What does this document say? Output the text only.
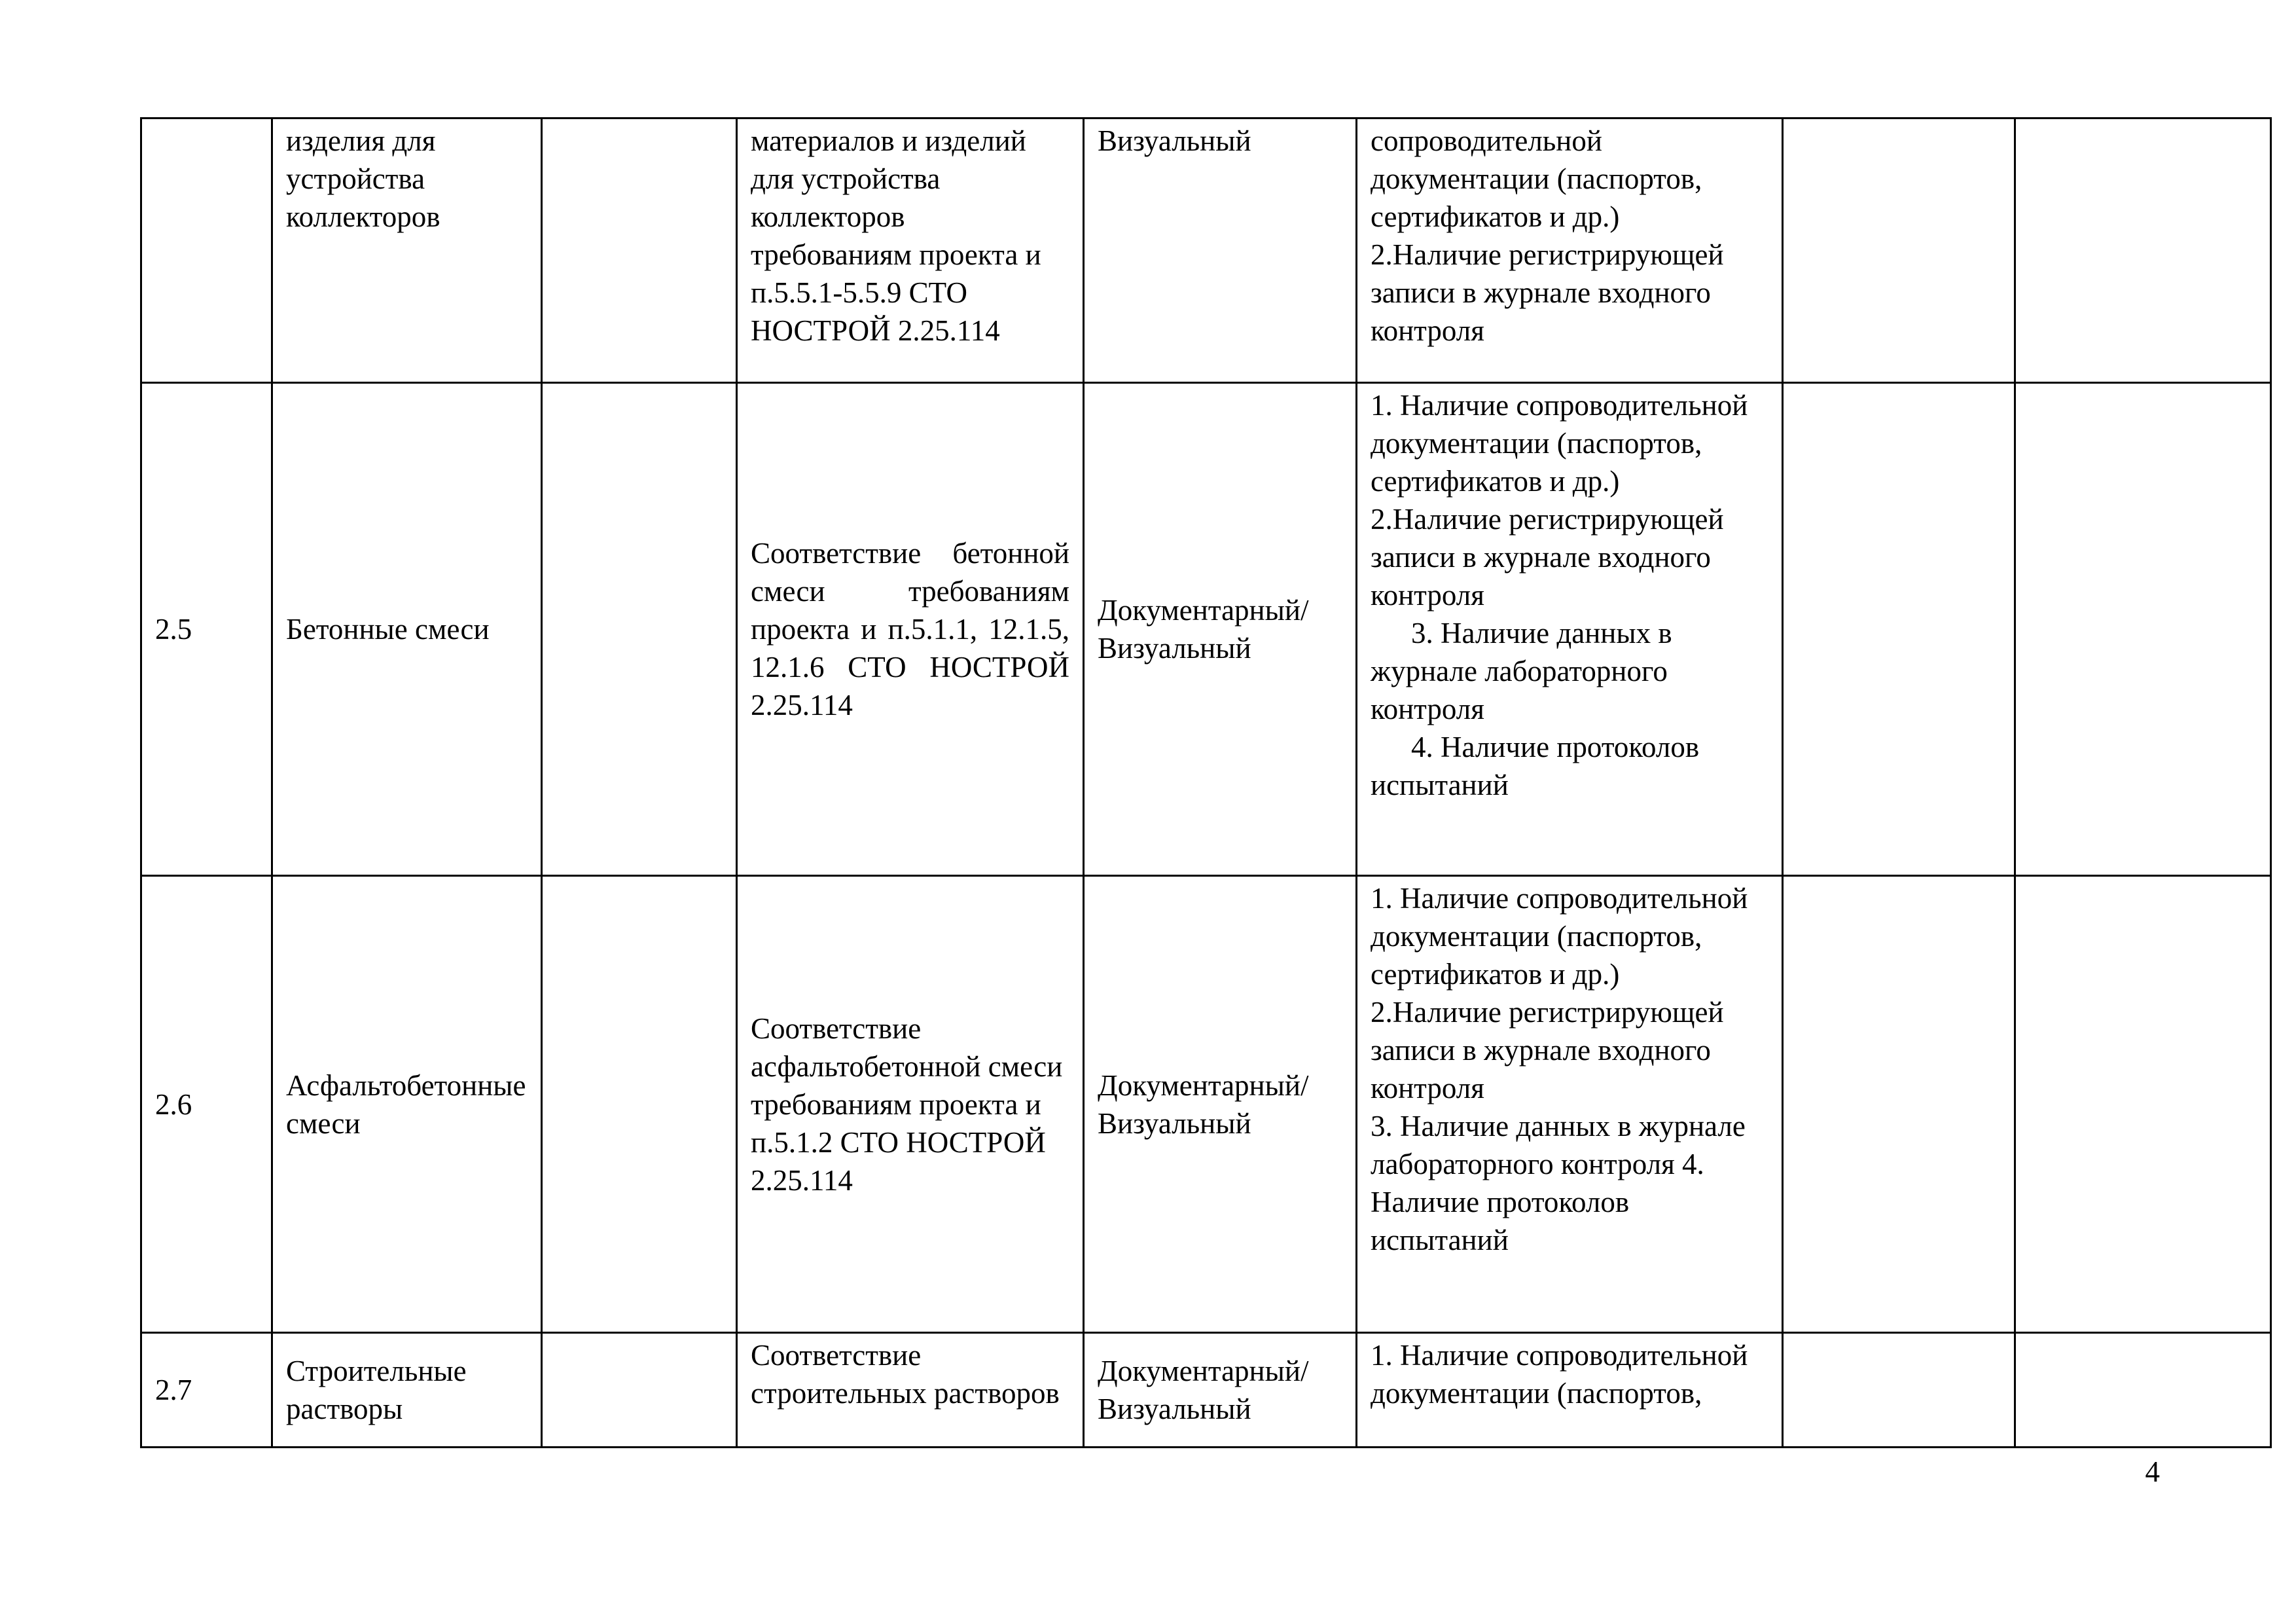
	изделия для устройства коллекторов		материалов и изделий для устройства коллекторов требованиям проекта и п.5.5.1-5.5.9 СТО НОСТРОЙ 2.25.114	Визуальный	сопроводительной документации (паспортов, сертификатов и др.)
2.Наличие регистрирующей записи в журнале входного контроля		

2.5	Бетонные смеси		Соответствие бетонной смеси требованиям проекта и п.5.1.1, 12.1.5, 12.1.6 СТО НОСТРОЙ 2.25.114	Документарный/ Визуальный	1. Наличие сопроводительной документации (паспортов, сертификатов и др.)
2.Наличие регистрирующей записи в журнале входного контроля
3. Наличие данных в журнале лабораторного контроля
4. Наличие протоколов испытаний		

2.6	Асфальтобетонные смеси		Соответствие асфальтобетонной смеси требованиям проекта и п.5.1.2 СТО НОСТРОЙ 2.25.114	Документарный/ Визуальный	1. Наличие сопроводительной документации (паспортов, сертификатов и др.)
2.Наличие регистрирующей записи в журнале входного контроля
3. Наличие данных в журнале лабораторного контроля 4. Наличие протоколов испытаний		

2.7	Строительные растворы		Соответствие строительных растворов	Документарный/ Визуальный	1. Наличие сопроводительной документации (паспортов,		

4
